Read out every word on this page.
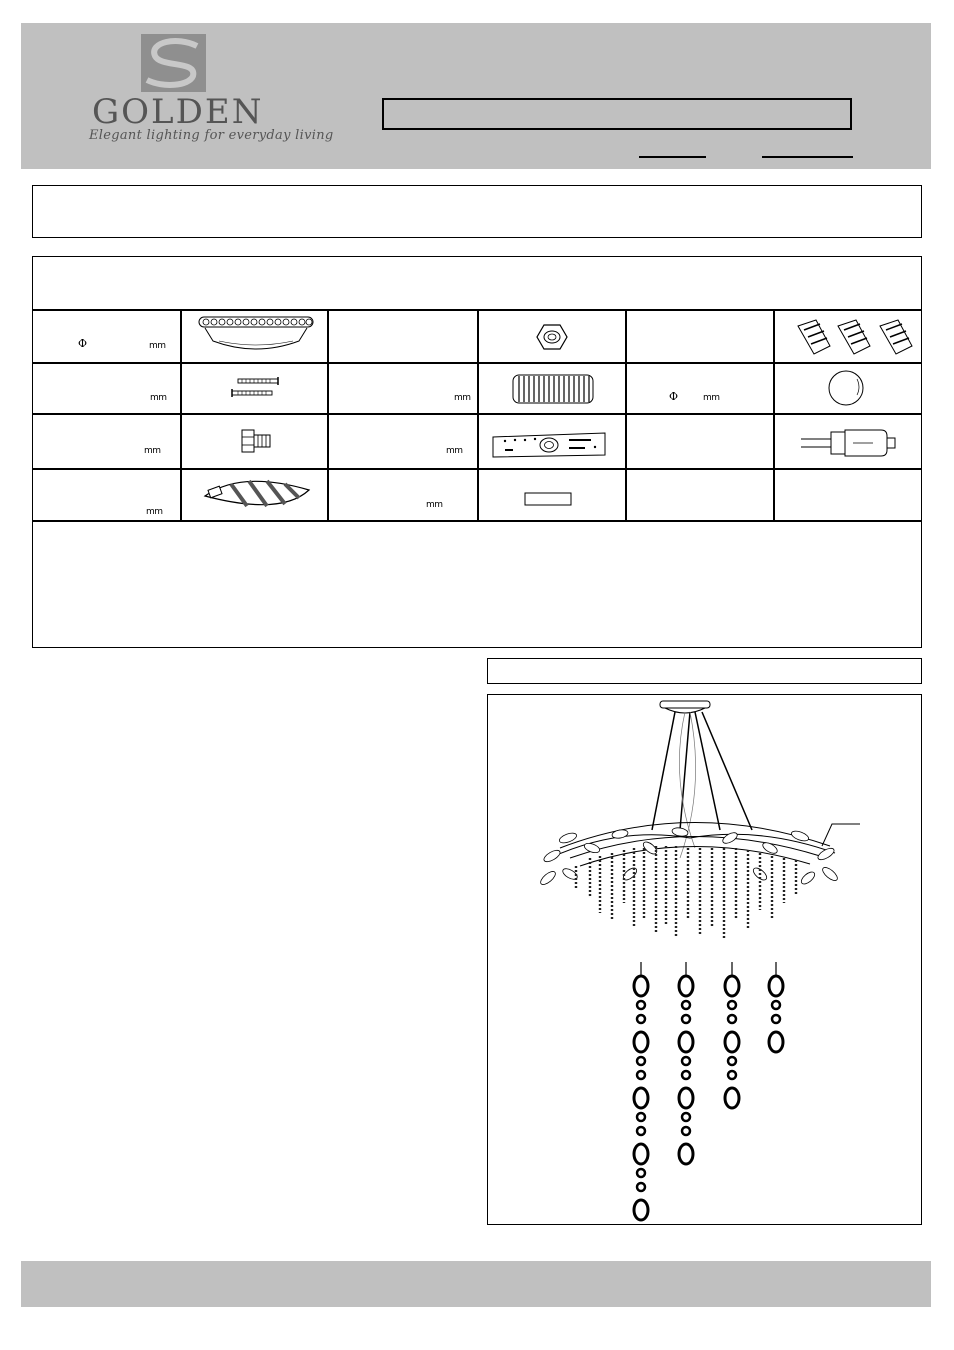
GOLDEN
Elegant lighting for everyday living
Φ	mm
mm
mm
mm
mm
mm
mm
Φ	mm
